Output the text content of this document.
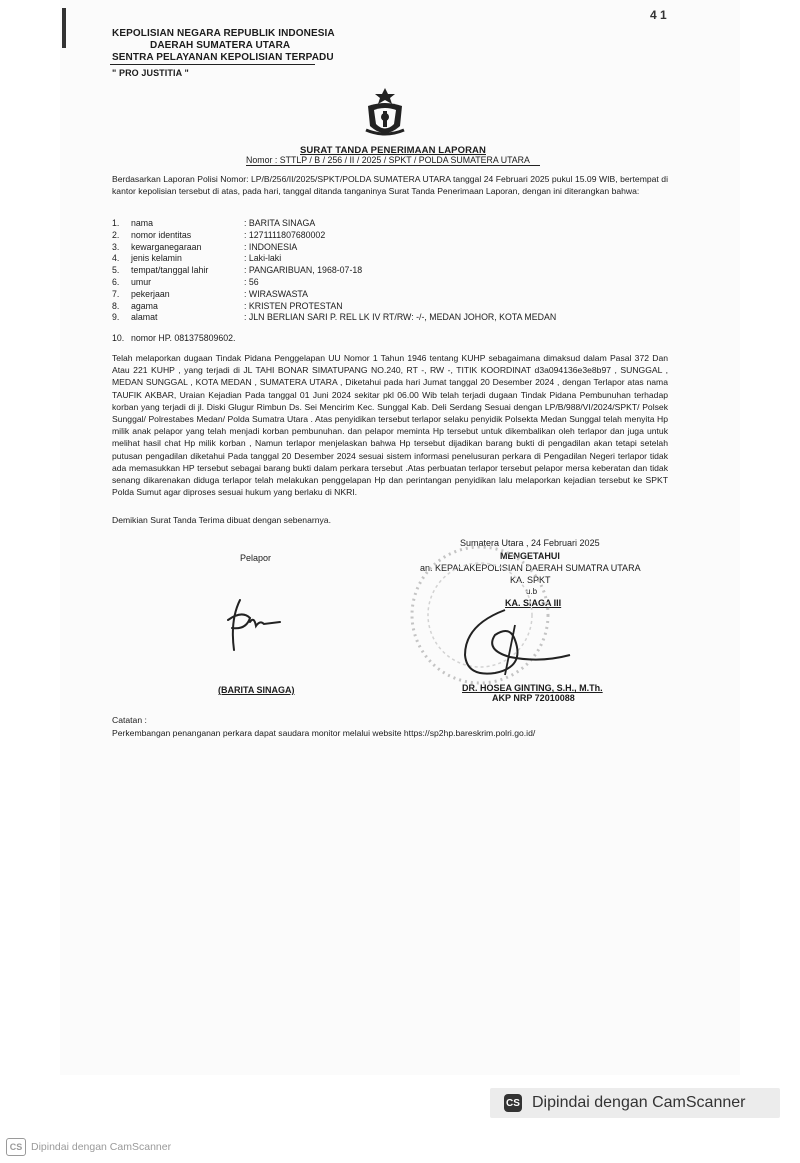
4 1
KEPOLISIAN NEGARA REPUBLIK INDONESIA
DAERAH SUMATERA UTARA
SENTRA PELAYANAN KEPOLISIAN TERPADU
" PRO JUSTITIA "
SURAT TANDA PENERIMAAN LAPORAN
Nomor : STTLP / B / 256 / II / 2025 / SPKT / POLDA SUMATERA UTARA
Berdasarkan Laporan Polisi Nomor: LP/B/256/II/2025/SPKT/POLDA SUMATERA UTARA tanggal 24 Februari 2025 pukul 15.09 WIB, bertempat di kantor kepolisian tersebut di atas, pada hari, tanggal ditanda tanganinya Surat Tanda Penerimaan Laporan, dengan ini diterangkan bahwa:
1.	nama	: BARITA SINAGA
2.	nomor identitas	: 1271111807680002
3.	kewarganegaraan	: INDONESIA
4.	jenis kelamin	: Laki-laki
5.	tempat/tanggal lahir	: PANGARIBUAN, 1968-07-18
6.	umur	: 56
7.	pekerjaan	: WIRASWASTA
8.	agama	: KRISTEN PROTESTAN
9.	alamat	: JLN BERLIAN SARI P. REL LK IV RT/RW: -/-, MEDAN JOHOR, KOTA MEDAN
10. nomor HP. 081375809602.
Telah melaporkan dugaan Tindak Pidana Penggelapan UU Nomor 1 Tahun 1946 tentang KUHP sebagaimana dimaksud dalam Pasal 372 Dan Atau 221 KUHP , yang terjadi di JL TAHI BONAR SIMATUPANG NO.240, RT -, RW -, TITIK KOORDINAT d3a094136e3e8b97 , SUNGGAL , MEDAN SUNGGAL , KOTA MEDAN , SUMATERA UTARA , Diketahui pada hari Jumat tanggal 20 Desember 2024 , dengan Terlapor atas nama TAUFIK AKBAR, Uraian Kejadian Pada tanggal 01 Juni 2024 sekitar pkl 06.00 Wib telah terjadi dugaan Tindak Pidana Pembunuhan terhadap korban yang terjadi di jl. Diski Glugur Rimbun Ds. Sei Mencirim Kec. Sunggal Kab. Deli Serdang Sesuai dengan LP/B/988/VI/2024/SPKT/ Polsek Sunggal/ Polrestabes Medan/ Polda Sumatra Utara . Atas penyidikan tersebut terlapor selaku penyidik Polsekta Medan Sunggal telah menyita Hp milik anak pelapor yang telah menjadi korban pembunuhan. dan pelapor meminta Hp tersebut untuk dikembalikan oleh terlapor dan juga untuk melihat hasil chat Hp milik korban , Namun terlapor menjelaskan bahwa Hp tersebut dijadikan barang bukti di pengadilan akan tetapi setelah putusan pengadilan diketahui Pada tanggal 20 Desember 2024 sesuai sistem informasi penelusuran perkara di Pengadilan Negeri terlapor tidak ada memasukkan HP tersebut sebagai barang bukti dalam perkara tersebut .Atas perbuatan terlapor tersebut pelapor mersa keberatan dan tidak senang dikarenakan diduga terlapor telah melakukan penggelapan Hp dan perintangan penyidikan lalu melaporkan kejadian tersebut ke SPKT Polda Sumut agar diproses sesuai hukum yang berlaku di NKRI.
Demikian Surat Tanda Terima dibuat dengan sebenarnya.
Sumatera Utara , 24 Februari 2025
MENGETAHUI
an. KEPALAKEPOLISIAN DAERAH SUMATRA UTARA
KA. SPKT
u.b
KA. SIAGA III
Pelapor
(BARITA SINAGA)	DR. HOSEA GINTING, S.H., M.Th.
AKP NRP 72010088
Catatan :
Perkembangan penanganan perkara dapat saudara monitor melalui website https://sp2hp.bareskrim.polri.go.id/
CS Dipindai dengan CamScanner
CS Dipindai dengan CamScanner
